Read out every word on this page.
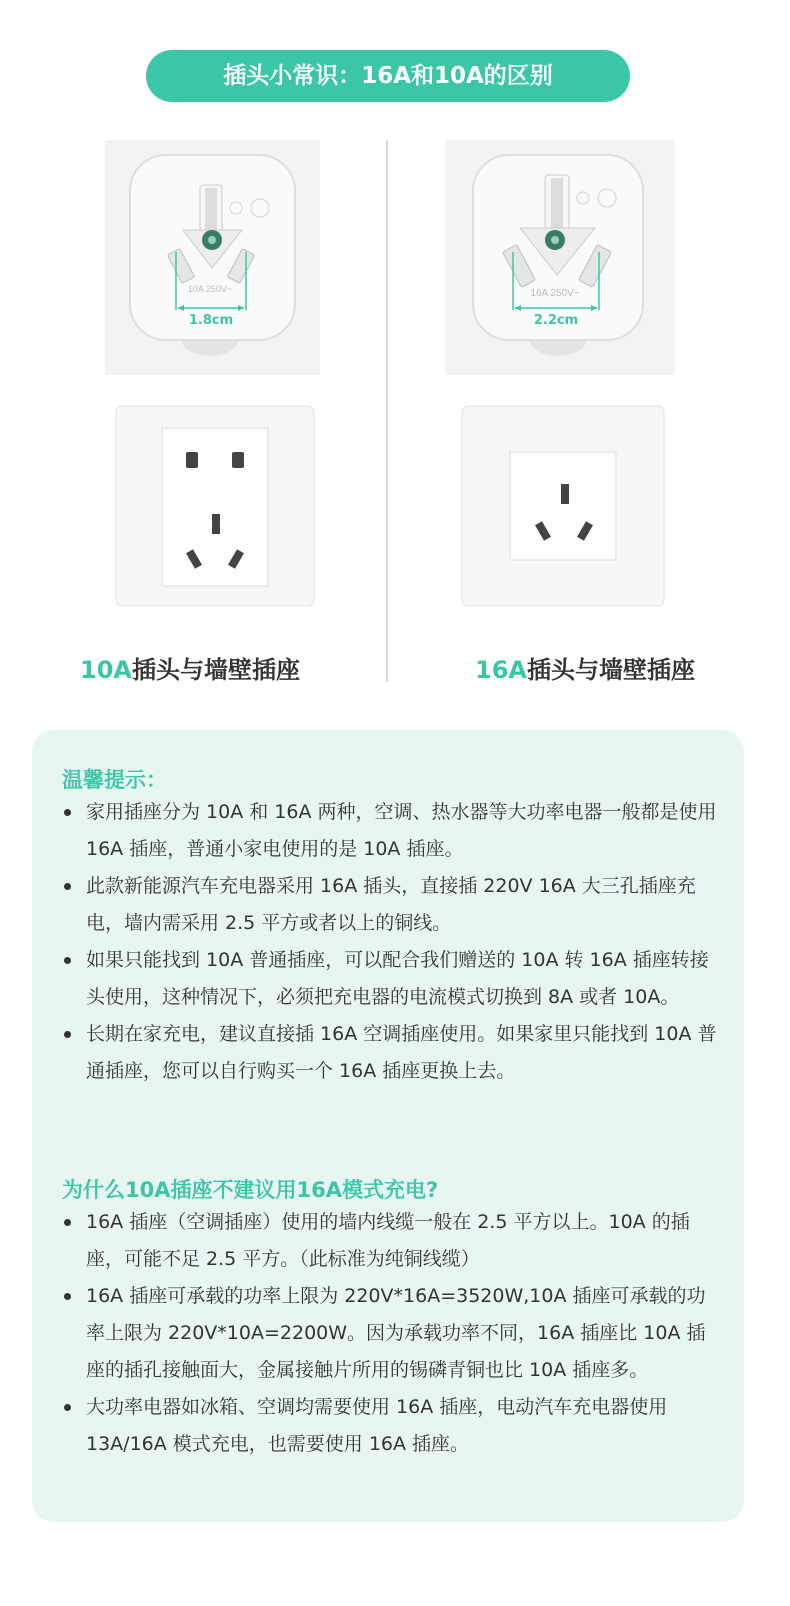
插头小常识：16A和10A的区别
10A 250V~
1.8cm
10A插头与墙壁插座
16A 250V~
2.2cm
16A插头与墙壁插座
温馨提示：
家用插座分为 10A 和 16A 两种，空调、热水器等大功率电器一般都是使用 16A 插座，普通小家电使用的是 10A 插座。
此款新能源汽车充电器采用 16A 插头，直接插 220V 16A 大三孔插座充电，墙内需采用 2.5 平方或者以上的铜线。
如果只能找到 10A 普通插座，可以配合我们赠送的 10A 转 16A 插座转接头使用，这种情况下，必须把充电器的电流模式切换到 8A 或者 10A。
长期在家充电，建议直接插 16A 空调插座使用。如果家里只能找到 10A 普通插座，您可以自行购买一个 16A 插座更换上去。
为什么10A插座不建议用16A模式充电?
16A 插座（空调插座）使用的墙内线缆一般在 2.5 平方以上。10A 的插座，可能不足 2.5 平方。（此标准为纯铜线缆）
16A 插座可承载的功率上限为 220V*16A=3520W,10A 插座可承载的功率上限为 220V*10A=2200W。因为承载功率不同，16A 插座比 10A 插座的插孔接触面大，金属接触片所用的锡磷青铜也比 10A 插座多。
大功率电器如冰箱、空调均需要使用 16A 插座，电动汽车充电器使用 13A/16A 模式充电，也需要使用 16A 插座。
